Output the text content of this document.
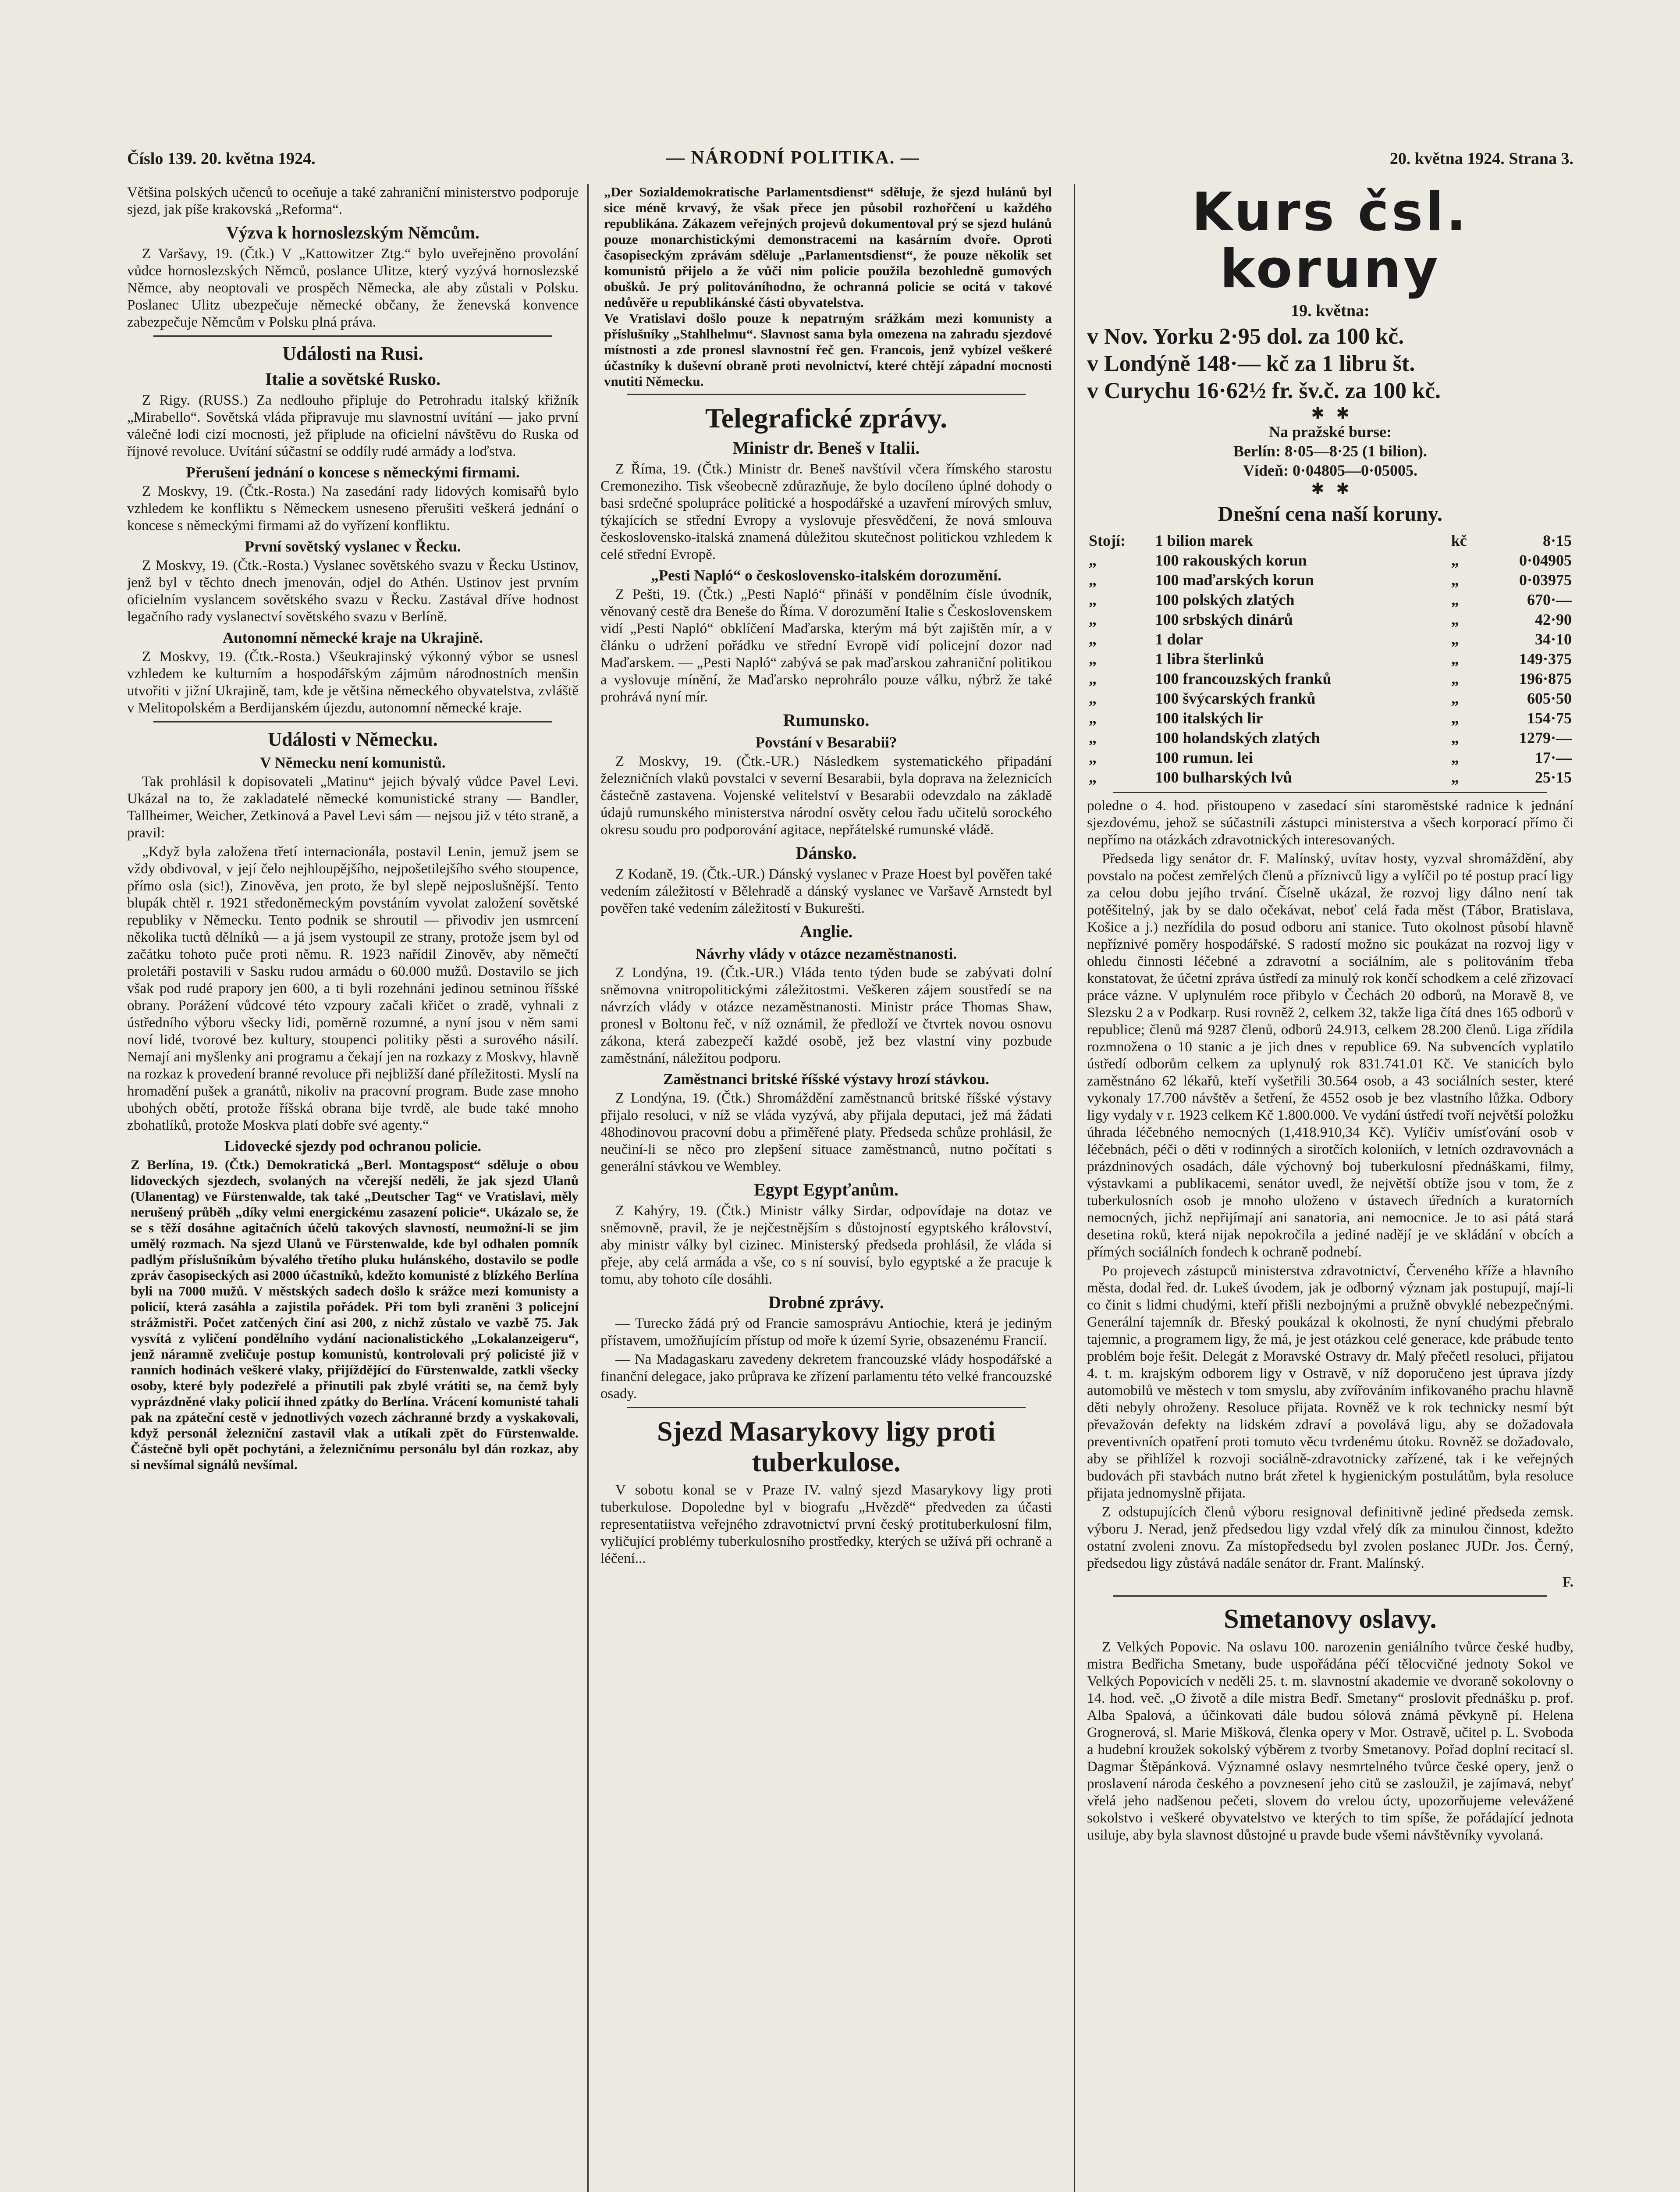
Číslo 139. 20. května 1924.	— NÁRODNÍ POLITIKA. —	20. května 1924. Strana 3.

Většina polských učenců to oceňuje a také zahraniční ministerstvo podporuje sjezd, jak píše krakovská „Reforma“.

Výzva k hornoslezským Němcům.

Z Varšavy, 19. (Čtk.) V „Kattowitzer Ztg.“ bylo uveřejněno provolání vůdce hornoslezských Němců, poslance Ulitze, který vyzývá hornoslezské Němce, aby neoptovali ve prospěch Německa, ale aby zůstali v Polsku. Poslanec Ulitz ubezpečuje německé občany, že ženevská konvence zabezpečuje Němcům v Polsku plná práva.

Události na Rusi.
Italie a sovětské Rusko.

Z Rigy. (RUSS.) Za nedlouho připluje do Petrohradu italský křižník „Mirabello“. Sovětská vláda připravuje mu slavnostní uvítání — jako první válečné lodi cizí mocnosti, jež připlude na oficielní návštěvu do Ruska od říjnové revoluce. Uvítání súčastní se oddíly rudé armády a loďstva.

Přerušení jednání o koncese s německými firmami.

Z Moskvy, 19. (Čtk.-Rosta.) Na zasedání rady lidových komisařů bylo vzhledem ke konfliktu s Německem usneseno přerušiti veškerá jednání o koncese s německými firmami až do vyřízení konfliktu.

První sovětský vyslanec v Řecku.

Z Moskvy, 19. (Čtk.-Rosta.) Vyslanec sovětského svazu v Řecku Ustinov, jenž byl v těchto dnech jmenován, odjel do Athén. Ustinov jest prvním oficielním vyslancem sovětského svazu v Řecku. Zastával dříve hodnost legačního rady vyslanectví sovětského svazu v Berlíně.

Autonomní německé kraje na Ukrajině.

Z Moskvy, 19. (Čtk.-Rosta.) Všeukrajinský výkonný výbor se usnesl vzhledem ke kulturním a hospodářským zájmům národnostních menšin utvořiti v jižní Ukrajině, tam, kde je většina německého obyvatelstva, zvláště v Melitopolském a Berdijanském újezdu, autonomní německé kraje.

Události v Německu.
V Německu není komunistů.

Tak prohlásil k dopisovateli „Matinu“ jejich bývalý vůdce Pavel Levi. Ukázal na to, že zakladatelé německé komunistické strany — Bandler, Tallheimer, Weicher, Zetkinová a Pavel Levi sám — nejsou již v této straně, a pravil:

„Když byla založena třetí internacionála, postavil Lenin, jemuž jsem se vždy obdivoval, v její čelo nejhloupějšího, nejpošetilejšího svého stoupence, přímo osla (sic!), Zinověva, jen proto, že byl slepě nejposlušnější. Tento blupák chtěl r. 1921 středoněmeckým povstáním vyvolat založení sovětské republiky v Německu. Tento podnik se shroutil — přivodiv jen usmrcení několika tuctů dělníků — a já jsem vystoupil ze strany, protože jsem byl od začátku tohoto puče proti němu. R. 1923 nařídil Zinověv, aby němečtí proletáři postavili v Sasku rudou armádu o 60.000 mužů. Dostavilo se jich však pod rudé prapory jen 600, a ti byli rozehnáni jedinou setninou říšské obrany. Porážení vůdcové této vzpoury začali křičet o zradě, vyhnali z ústředního výboru všecky lidi, poměrně rozumné, a nyní jsou v něm sami noví lidé, tvorové bez kultury, stoupenci politiky pěsti a surového násilí. Nemají ani myšlenky ani programu a čekají jen na rozkazy z Moskvy, hlavně na rozkaz k provedení branné revoluce při nejbližší dané příležitosti. Myslí na hromadění pušek a granátů, nikoliv na pracovní program. Bude zase mnoho ubohých obětí, protože říšská obrana bije tvrdě, ale bude také mnoho zbohatlíků, protože Moskva platí dobře své agenty.“

Lidovecké sjezdy pod ochranou policie.
Z Berlína, 19. (Čtk.) Demokratická „Berl. Montagspost“ sděluje o obou lidoveckých sjezdech, svolaných na včerejší neděli, že jak sjezd Ulanů (Ulanentag) ve Fürstenwalde, tak také „Deutscher Tag“ ve Vratislavi, měly nerušený průběh „díky velmi energickému zasazení policie“. Ukázalo se, že se s těží dosáhne agitačních účelů takových slavností, neumožní-li se jim umělý rozmach. Na sjezd Ulanů ve Fürstenwalde, kde byl odhalen pomník padlým příslušníkům bývalého třetího pluku hulánského, dostavilo se podle zpráv časopiseckých asi 2000 účastníků, kdežto komunisté z blízkého Berlína byli na 7000 mužů. V městských sadech došlo k srážce mezi komunisty a policií, která zasáhla a zajistila pořádek. Při tom byli zraněni 3 policejní strážmistři. Počet zatčených činí asi 200, z nichž zůstalo ve vazbě 75. Jak vysvítá z vyličení pondělního vydání nacionalistického „Lokalanzeigeru“, jenž náramně zveličuje postup komunistů, kontrolovali prý policisté již v ranních hodinách veškeré vlaky, přijíždějící do Fürstenwalde, zatkli všecky osoby, které byly podezřelé a přinutili pak zbylé vrátiti se, na čemž byly vyprázdněné vlaky policií ihned zpátky do Berlína. Vrácení komunisté tahali pak na zpáteční cestě v jednotlivých vozech záchranné brzdy a vyskakovali, když personál železniční zastavil vlak a utíkali zpět do Fürstenwalde. Částečně byli opět pochytáni, a železničnímu personálu byl dán rozkaz, aby si nevšímal signálů nevšímal.
„Der Sozialdemokratische Parlamentsdienst“ sděluje, že sjezd hulánů byl sice méně krvavý, že však přece jen působil rozhořčení u každého republikána. Zákazem veřejných projevů dokumentoval prý se sjezd hulánů pouze monarchistickými demonstracemi na kasárním dvoře. Oproti časopiseckým zprávám sděluje „Parlamentsdienst“, že pouze několik set komunistů přijelo a že vůči nim policie použila bezohledně gumových obušků. Je prý politováníhodno, že ochranná policie se ocitá v takové nedůvěře u republikánské části obyvatelstva.
Ve Vratislavi došlo pouze k nepatrným srážkám mezi komunisty a příslušníky „Stahlhelmu“. Slavnost sama byla omezena na zahradu sjezdové místnosti a zde pronesl slavnostní řeč gen. Francois, jenž vybízel veškeré účastníky k duševní obraně proti nevolnictví, které chtějí západní mocnosti vnutiti Německu.
Telegrafické zprávy.
Ministr dr. Beneš v Italii.

Z Říma, 19. (Čtk.) Ministr dr. Beneš navštívil včera římského starostu Cremoneziho. Tisk všeobecně zdůrazňuje, že bylo docíleno úplné dohody o basi srdečné spolupráce politické a hospodářské a uzavření mírových smluv, týkajících se střední Evropy a vyslovuje přesvědčení, že nová smlouva československo-italská znamená důležitou skutečnost politickou vzhledem k celé střední Evropě.

„Pesti Napló“ o československo-italském dorozumění.

Z Pešti, 19. (Čtk.) „Pesti Napló“ přináší v pondělním čísle úvodník, věnovaný cestě dra Beneše do Říma. V dorozumění Italie s Československem vidí „Pesti Napló“ obklíčení Maďarska, kterým má být zajištěn mír, a v článku o udržení pořádku ve střední Evropě vidí policejní dozor nad Maďarskem. — „Pesti Napló“ zabývá se pak maďarskou zahraniční politikou a vyslovuje mínění, že Maďarsko neprohrálo pouze válku, nýbrž že také prohrává nyní mír.

Rumunsko.
Povstání v Besarabii?

Z Moskvy, 19. (Čtk.-UR.) Následkem systematického připadání železničních vlaků povstalci v severní Besarabii, byla doprava na železnicích částečně zastavena. Vojenské velitelství v Besarabii odevzdalo na základě údajů rumunského ministerstva národní osvěty celou řadu učitelů sorockého okresu soudu pro podporování agitace, nepřátelské rumunské vládě.

Dánsko.

Z Kodaně, 19. (Čtk.-UR.) Dánský vyslanec v Praze Hoest byl pověřen také vedením záležitostí v Bělehradě a dánský vyslanec ve Varšavě Arnstedt byl pověřen také vedením záležitostí v Bukurešti.

Anglie.
Návrhy vlády v otázce nezaměstnanosti.

Z Londýna, 19. (Čtk.-UR.) Vláda tento týden bude se zabývati dolní sněmovna vnitropolitickými záležitostmi. Veškeren zájem soustředí se na návrzích vlády v otázce nezaměstnanosti. Ministr práce Thomas Shaw, pronesl v Boltonu řeč, v níž oznámil, že předloží ve čtvrtek novou osnovu zákona, která zabezpečí každé osobě, jež bez vlastní viny pozbude zaměstnání, náležitou podporu.

Zaměstnanci britské říšské výstavy hrozí stávkou.

Z Londýna, 19. (Čtk.) Shromáždění zaměstnanců britské říšské výstavy přijalo resoluci, v níž se vláda vyzývá, aby přijala deputaci, jež má žádati 48hodinovou pracovní dobu a přiměřené platy. Předseda schůze prohlásil, že neučiní-li se něco pro zlepšení situace zaměstnanců, nutno počítati s generální stávkou ve Wembley.

Egypt Egypťanům.

Z Kahýry, 19. (Čtk.) Ministr války Sirdar, odpovídaje na dotaz ve sněmovně, pravil, že je nejčestnějším s důstojností egyptského království, aby ministr války byl cizinec. Ministerský předseda prohlásil, že vláda si přeje, aby celá armáda a vše, co s ní souvisí, bylo egyptské a že pracuje k tomu, aby tohoto cíle dosáhli.

Drobné zprávy.

— Turecko žádá prý od Francie samosprávu Antiochie, která je jediným přístavem, umožňujícím přístup od moře k území Syrie, obsazenému Francií.

— Na Madagaskaru zavedeny dekretem francouzské vlády hospodářské a finanční delegace, jako průprava ke zřízení parlamentu této velké francouzské osady.

Sjezd Masarykovy ligy proti tuberkulose.

V sobotu konal se v Praze IV. valný sjezd Masarykovy ligy proti tuberkulose. Dopoledne byl v biografu „Hvězdě“ předveden za účasti representatiistva veřejného zdravotnictví první český protituberkulosní film, vyličující problémy tuberkulosního prostředky, kterých se užívá při ochraně a léčení...

Kurs čsl. koruny
19. května:
v Nov. Yorku 2·95 dol. za 100 kč.
v Londýně 148·— kč za 1 libru št.
v Curychu 16·62½ fr. šv.č. za 100 kč.
✱   ✱
Na pražské burse:
Berlín: 8·05—8·25 (1 bilion).
Vídeň: 0·04805—0·05005.
✱   ✱
Dnešní cena naší koruny.
Stojí:	1 bilion marek	kč	8·15
„	100 rakouských korun	„	0·04905
„	100 maďarských korun	„	0·03975
„	100 polských zlatých	„	670·—
„	100 srbských dinárů	„	42·90
„	1 dolar	„	34·10
„	1 libra šterlinků	„	149·375
„	100 francouzských franků	„	196·875
„	100 švýcarských franků	„	605·50
„	100 italských lir	„	154·75
„	100 holandských zlatých	„	1279·—
„	100 rumun. lei	„	17·—
„	100 bulharských lvů	„	25·15

poledne o 4. hod. přistoupeno v zasedací síni staroměstské radnice k jednání sjezdovému, jehož se súčastnili zástupci ministerstva a všech korporací přímo či nepřímo na otázkách zdravotnických interesovaných.

Předseda ligy senátor dr. F. Malínský, uvítav hosty, vyzval shromáždění, aby povstalo na počest zemřelých členů a příznivců ligy a vylíčil po té postup prací ligy za celou dobu jejího trvání. Číselně ukázal, že rozvoj ligy dálno není tak potěšitelný, jak by se dalo očekávat, neboť celá řada měst (Tábor, Bratislava, Košice a j.) nezřídila do posud odboru ani stanice. Tuto okolnost působí hlavně nepříznivé poměry hospodářské. S radostí možno sic poukázat na rozvoj ligy v ohledu činnosti léčebné a zdravotní a sociálním, ale s politováním třeba konstatovat, že účetní zpráva ústředí za minulý rok končí schodkem a celé zřizovací práce vázne. V uplynulém roce přibylo v Čechách 20 odborů, na Moravě 8, ve Slezsku 2 a v Podkarp. Rusi rovněž 2, celkem 32, takže liga čítá dnes 165 odborů v republice; členů má 9287 členů, odborů 24.913, celkem 28.200 členů. Liga zřídila rozmnožena o 10 stanic a je jich dnes v republice 69. Na subvencích vyplatilo ústředí odborům celkem za uplynulý rok 831.741.01 Kč. Ve stanicích bylo zaměstnáno 62 lékařů, kteří vyšetřili 30.564 osob, a 43 sociálních sester, které vykonaly 17.700 návštěv a šetření, že 4552 osob je bez vlastního lůžka. Odbory ligy vydaly v r. 1923 celkem Kč 1.800.000. Ve vydání ústředí tvoří největší položku úhrada léčebného nemocných (1,418.910,34 Kč). Vylíčiv umísťování osob v léčebnách, péči o děti v rodinných a sirotčích koloniích, v letních ozdravovnách a prázdninových osadách, dále výchovný boj tuberkulosní přednáškami, filmy, výstavkami a publikacemi, senátor uvedl, že největší obtíže jsou v tom, že z tuberkulosních osob je mnoho uloženo v ústavech úředních a kuratorních nemocných, jichž nepřijímají ani sanatoria, ani nemocnice. Je to asi pátá stará desetina roků, která nijak nepokročila a jediné nadějí je ve skládání v obcích a přímých sociálních fondech k ochraně podnebí.

Po projevech zástupců ministerstva zdravotnictví, Červeného kříže a hlavního města, dodal řed. dr. Lukeš úvodem, jak je odborný význam jak postupují, mají-li co činit s lidmi chudými, kteří přišli nezbojnými a pružně obvyklé nebezpečnými. Generální tajemník dr. Břeský poukázal k okolnosti, že nyní chudými přebralo tajemnic, a programem ligy, že má, je jest otázkou celé generace, kde prábude tento problém boje řešit. Delegát z Moravské Ostravy dr. Malý přečetl resoluci, přijatou 4. t. m. krajským odborem ligy v Ostravě, v níž doporučeno jest úprava jízdy automobilů ve městech v tom smyslu, aby zvířováním infikovaného prachu hlavně děti nebyly ohroženy. Resoluce přijata. Rovněž ve k rok technicky nesmí být převažován defekty na lidském zdraví a povolává ligu, aby se dožadovala preventivních opatření proti tomuto věcu tvrdenému útoku. Rovněž se dožadovalo, aby se přihlížel k rozvoji sociálně-zdravotnicky zařízené, tak i ke veřejných budovách při stavbách nutno brát zřetel k hygienickým postulátům, byla resoluce přijata jednomyslně přijata.

Z odstupujících členů výboru resignoval definitivně jediné předseda zemsk. výboru J. Nerad, jenž předsedou ligy vzdal vřelý dík za minulou činnost, kdežto ostatní zvoleni znovu. Za místopředsedu byl zvolen poslanec JUDr. Jos. Černý, předsedou ligy zůstává nadále senátor dr. Frant. Malínský.

F.
Smetanovy oslavy.

Z Velkých Popovic. Na oslavu 100. narozenin geniálního tvůrce české hudby, mistra Bedřicha Smetany, bude uspořádána péčí tělocvičné jednoty Sokol ve Velkých Popovicích v neděli 25. t. m. slavnostní akademie ve dvoraně sokolovny o 14. hod. več. „O životě a díle mistra Bedř. Smetany“ proslovit přednášku p. prof. Alba Spalová, a účinkovati dále budou sólová známá pěvkyně pí. Helena Grognerová, sl. Marie Mišková, členka opery v Mor. Ostravě, učitel p. L. Svoboda a hudební kroužek sokolský výběrem z tvorby Smetanovy. Pořad doplní recitací sl. Dagmar Štěpánková. Významné oslavy nesmrtelného tvůrce české opery, jenž o proslavení národa českého a povznesení jeho citů se zasloužil, je zajímavá, nebyť vřelá jeho nadšenou pečeti, slovem do vrelou úcty, upozorňujeme velevážené sokolstvo i veškeré obyvatelstvo ve kterých to tim spíše, že pořádající jednota usiluje, aby byla slavnost důstojné u pravde bude všemi návštěvníky vyvolaná.
